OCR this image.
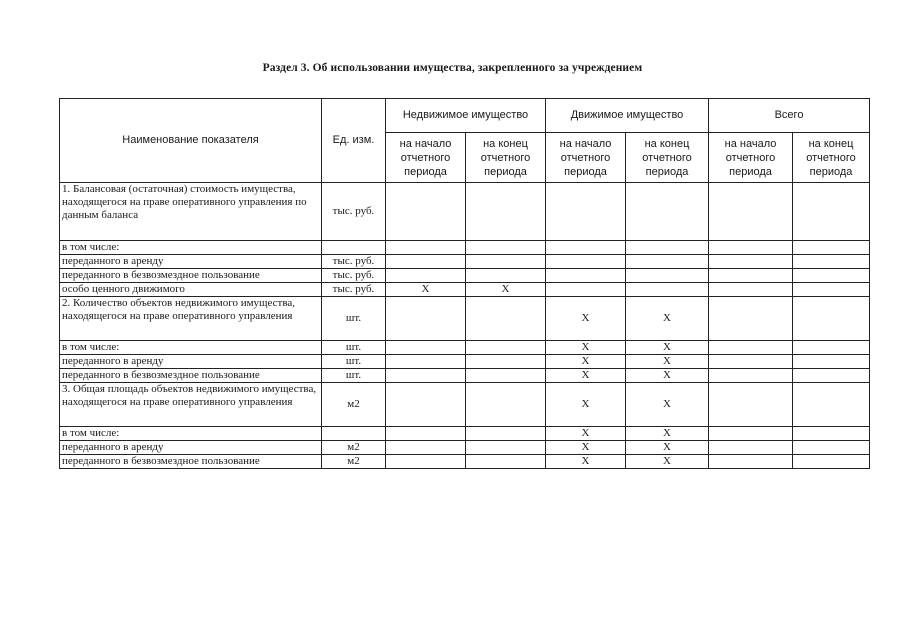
Раздел 3. Об использовании имущества, закрепленного за учреждением
Наименование показателя	Ед. изм.	Недвижимое имущество		Движимое имущество		Всего	
		на начало отчетного периода	на конец отчетного периода	на начало отчетного периода	на конец отчетного периода	на начало отчетного периода	на конец отчетного периода
1. Балансовая (остаточная) стоимость имущества, находящегося на праве оперативного управления по данным баланса	тыс. руб.						
в том числе:							
переданного в аренду	тыс. руб.						
переданного в безвозмездное пользование	тыс. руб.						
особо ценного движимого	тыс. руб.	X	X				
2. Количество объектов недвижимого имущества, находящегося на праве оперативного управления	шт.			X	X		
в том числе:	шт.			X	X		
переданного в аренду	шт.			X	X		
переданного в безвозмездное пользование	шт.			X	X		
3. Общая площадь объектов недвижимого имущества, находящегося на праве оперативного управления	м2			X	X		
в том числе:				X	X		
переданного в аренду	м2			X	X		
переданного в безвозмездное пользование	м2			X	X		
